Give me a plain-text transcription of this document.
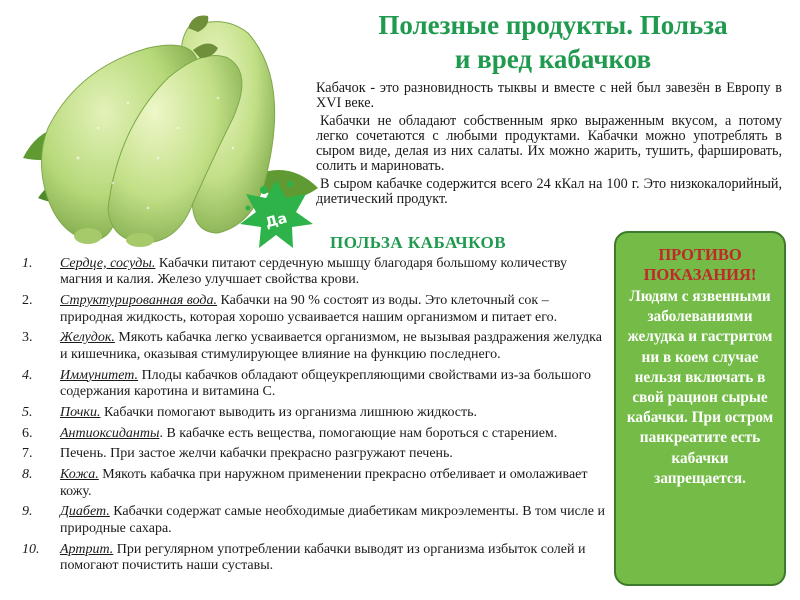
Да
Полезные продукты. Польза
и вред кабачков

Кабачок - это разновидность тыквы и вместе с ней был завезён в Европу в XVI веке.

Кабачки не обладают собственным ярко выраженным вкусом, а потому легко сочетаются с любыми продуктами. Кабачки можно употреблять в сыром виде, делая из них салаты. Их можно жарить, тушить, фаршировать, солить и мариновать.

В сыром кабачке содержится всего 24 кКал на 100 г. Это низкокалорийный, диетический продукт.

ПОЛЬЗА КАБАЧКОВ
1.	Сердце, сосуды. Кабачки питают сердечную мышцу благодаря большому количеству магния и калия. Железо улучшает свойства крови.
2.	Структурированная вода. Кабачки на 90 % состоят из воды. Это клеточный сок – природная жидкость, которая хорошо усваивается нашим организмом и питает его.
3.	Желудок. Мякоть кабачка легко усваивается организмом, не вызывая раздражения желудка и кишечника, оказывая стимулирующее влияние на функцию последнего.
4.	Иммунитет. Плоды кабачков обладают общеукрепляющими свойствами из-за большого содержания каротина и витамина С.
5.	Почки. Кабачки помогают выводить из организма лишнюю жидкость.
6.	Антиоксиданты. В кабачке есть вещества, помогающие нам бороться с старением.
7.	Печень. При застое желчи кабачки прекрасно разгружают печень.
8.	Кожа. Мякоть кабачка при наружном применении прекрасно отбеливает и омолаживает кожу.
9.	Диабет. Кабачки содержат самые необходимые диабетикам микроэлементы. В том числе и природные сахара.
10.	Артрит. При регулярном употреблении кабачки выводят из организма избыток солей и помогают почистить наши суставы.
ПРОТИВО
ПОКАЗАНИЯ!
Людям с язвенными заболеваниями желудка и гастритом ни в коем случае нельзя включать в свой рацион сырые кабачки. При остром панкреатите есть кабачки запрещается.
